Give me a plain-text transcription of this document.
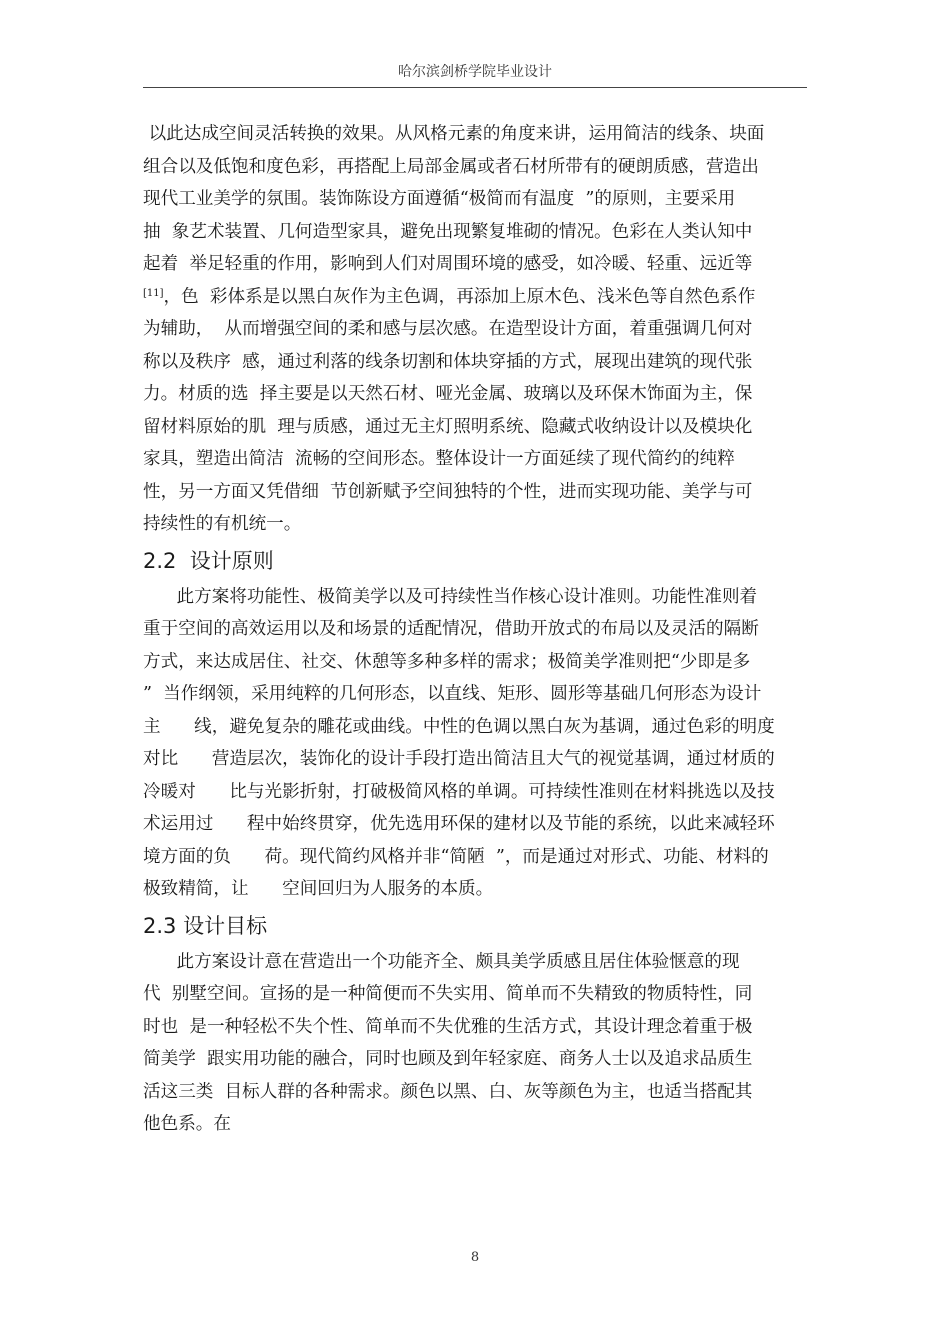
哈尔滨剑桥学院毕业设计
以此达成空间灵活转换的效果。从风格元素的角度来讲，运用简洁的线条、块面
组合以及低饱和度色彩，再搭配上局部金属或者石材所带有的硬朗质感，营造出
现代工业美学的氛围。装饰陈设方面遵循“极简而有温度  ”的原则，主要采用
抽  象艺术装置、几何造型家具，避免出现繁复堆砌的情况。色彩在人类认知中
起着  举足轻重的作用，影响到人们对周围环境的感受，如冷暖、轻重、远近等
[11]，色  彩体系是以黑白灰作为主色调，再添加上原木色、浅米色等自然色系作
为辅助，  从而增强空间的柔和感与层次感。在造型设计方面，着重强调几何对
称以及秩序  感，通过利落的线条切割和体块穿插的方式，展现出建筑的现代张
力。材质的选  择主要是以天然石材、哑光金属、玻璃以及环保木饰面为主，保
留材料原始的肌  理与质感，通过无主灯照明系统、隐藏式收纳设计以及模块化
家具，塑造出简洁  流畅的空间形态。整体设计一方面延续了现代简约的纯粹
性，另一方面又凭借细  节创新赋予空间独特的个性，进而实现功能、美学与可
持续性的有机统一。
2.2  设计原则
此方案将功能性、极简美学以及可持续性当作核心设计准则。功能性准则着
重于空间的高效运用以及和场景的适配情况，借助开放式的布局以及灵活的隔断
方式，来达成居住、社交、休憩等多种多样的需求；极简美学准则把“少即是多
”  当作纲领，采用纯粹的几何形态，以直线、矩形、圆形等基础几何形态为设计
主      线，避免复杂的雕花或曲线。中性的色调以黑白灰为基调，通过色彩的明度
对比      营造层次，装饰化的设计手段打造出简洁且大气的视觉基调，通过材质的
冷暖对      比与光影折射，打破极简风格的单调。可持续性准则在材料挑选以及技
术运用过      程中始终贯穿，优先选用环保的建材以及节能的系统，以此来减轻环
境方面的负      荷。现代简约风格并非“简陋  ”，而是通过对形式、功能、材料的
极致精简，让      空间回归为人服务的本质。
2.3 设计目标
此方案设计意在营造出一个功能齐全、颇具美学质感且居住体验惬意的现
代  别墅空间。宣扬的是一种简便而不失实用、简单而不失精致的物质特性，同
时也  是一种轻松不失个性、简单而不失优雅的生活方式，其设计理念着重于极
简美学  跟实用功能的融合，同时也顾及到年轻家庭、商务人士以及追求品质生
活这三类  目标人群的各种需求。颜色以黑、白、灰等颜色为主，也适当搭配其
他色系。在
8
